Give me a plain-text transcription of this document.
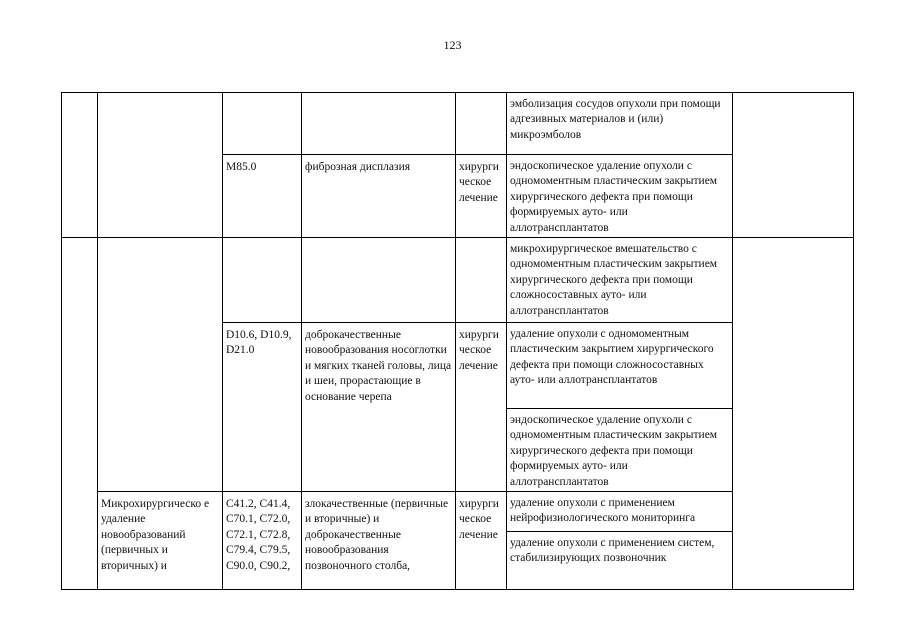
123
					эмболизация сосудов опухоли при помощи адгезивных материалов и (или) микроэмболов	
		M85.0	фиброзная дисплазия	хирурги ческое лечение	эндоскопическое удаление опухоли с одномоментным пластическим закрытием хирургического дефекта при помощи формируемых ауто- или аллотрансплантатов	
					микрохирургическое вмешательство с одномоментным пластическим закрытием хирургического дефекта при помощи сложносоставных ауто- или аллотрансплантатов	
		D10.6, D10.9, D21.0	доброкачественные новообразования носоглотки и мягких тканей головы, лица и шеи, прорастающие в основание черепа	хирурги ческое лечение	удаление опухоли с одномоментным пластическим закрытием хирургического дефекта при помощи сложносоставных ауто- или аллотрансплантатов	
					эндоскопическое удаление опухоли с одномоментным пластическим закрытием хирургического дефекта при помощи формируемых ауто- или аллотрансплантатов	
	Микрохирургическо е удаление новообразований (первичных и вторичных) и	C41.2, C41.4, C70.1, C72.0, C72.1, C72.8, C79.4, C79.5, C90.0, C90.2,	злокачественные (первичные и вторичные) и доброкачественные новообразования позвоночного столба,	хирурги ческое лечение	удаление опухоли с применением нейрофизиологического мониторинга	
					удаление опухоли с применением систем, стабилизирующих позвоночник	
